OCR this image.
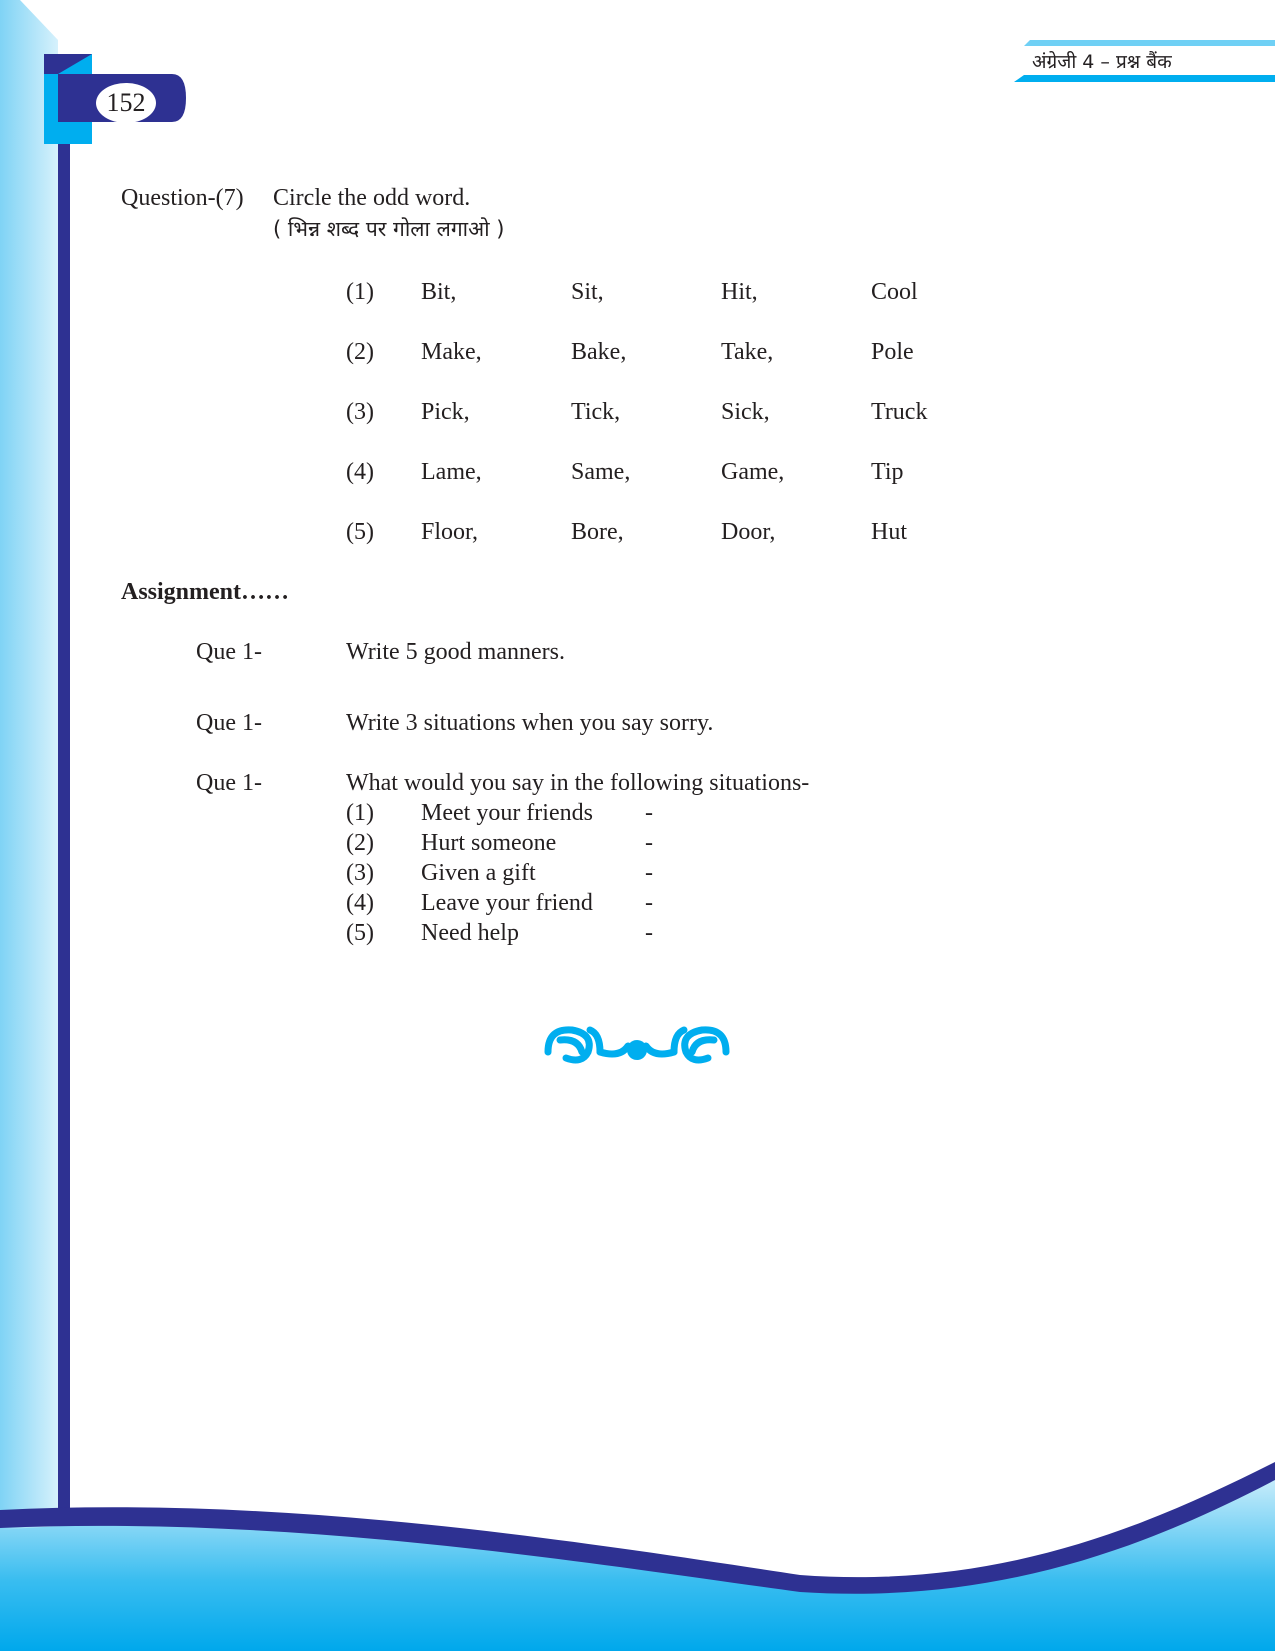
अंग्रेजी 4 – प्रश्न बैंक
152
Question-(7) Circle the odd word.
( भिन्न शब्द पर गोला लगाओ )
(1) Bit,	Sit,	Hit,	Cool
(2) Make,	Bake,	Take,	Pole
(3) Pick,	Tick,	Sick,	Truck
(4) Lame,	Same,	Game,	Tip
(5) Floor,	Bore,	Door,	Hut
Assignment……
Que 1-	Write 5 good manners.
Que 1-	Write 3 situations when you say sorry.
Que 1-	What would you say in the following situations-
(1) Meet your friends -
(2) Hurt someone	-
(3) Given a gift	-
(4) Leave your friend -
(5) Need help	-
